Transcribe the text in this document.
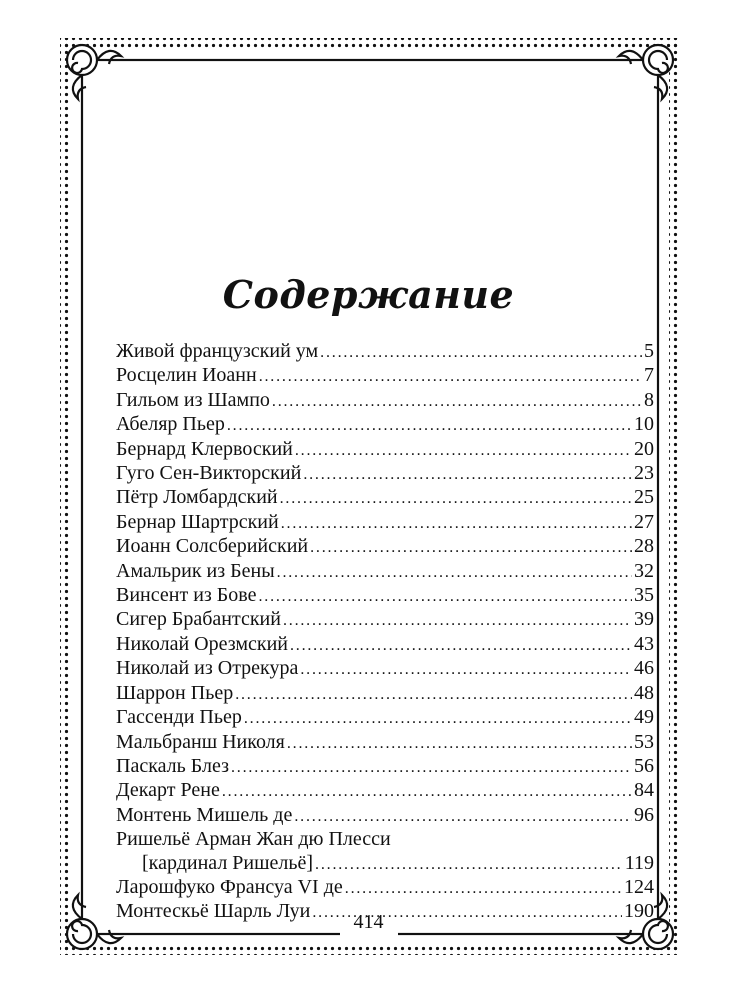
Содержание
Живой французский ум .....	5
Росцелин Иоанн .....	7
Гильом из Шампо .....	8
Абеляр Пьер .....	10
Бернард Клервоский .....	20
Гуго Сен-Викторский .....	23
Пётр Ломбардский .....	25
Бернар Шартрский .....	27
Иоанн Солсберийский .....	28
Амальрик из Бены .....	32
Винсент из Бове .....	35
Сигер Брабантский .....	39
Николай Орезмский .....	43
Николай из Отрекура .....	46
Шаррон Пьер .....	48
Гассенди Пьер .....	49
Мальбранш Николя .....	53
Паскаль Блез .....	56
Декарт Рене .....	84
Монтень Мишель де .....	96
Ришельё Арман Жан дю Плесси
[кардинал Ришельё] .....	119
Ларошфуко Франсуа VI де .....	124
Монтескьё Шарль Луи .....	190
414
